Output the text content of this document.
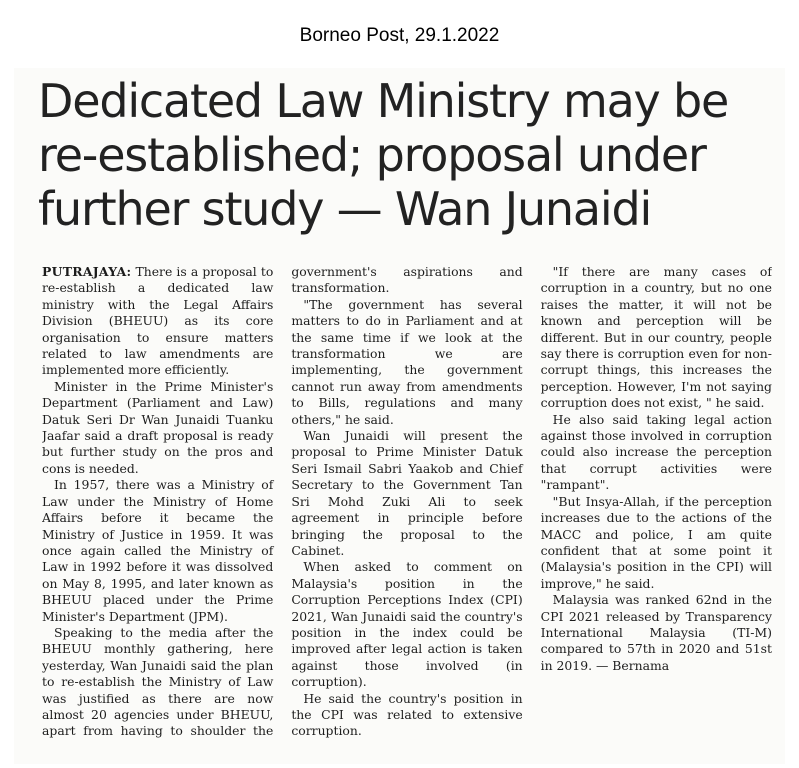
Borneo Post, 29.1.2022
Dedicated Law Ministry may be re-established; proposal under further study — Wan Junaidi

PUTRAJAYA: There is a proposal to re-establish a dedicated law ministry with the Legal Affairs Division (BHEUU) as its core organisation to ensure matters related to law amendments are implemented more efficiently.

Minister in the Prime Minister's Department (Parliament and Law) Datuk Seri Dr Wan Junaidi Tuanku Jaafar said a draft proposal is ready but further study on the pros and cons is needed.

In 1957, there was a Ministry of Law under the Ministry of Home Affairs before it became the Ministry of Justice in 1959. It was once again called the Ministry of Law in 1992 before it was dissolved on May 8, 1995, and later known as BHEUU placed under the Prime Minister's Department (JPM).

Speaking to the media after the BHEUU monthly gathering, here yesterday, Wan Junaidi said the plan to re-establish the Ministry of Law was justified as there are now almost 20 agencies under BHEUU, apart from having to shoulder the government's aspirations and transformation.

"The government has several matters to do in Parliament and at the same time if we look at the transformation we are implementing, the government cannot run away from amendments to Bills, regulations and many others," he said.

Wan Junaidi will present the proposal to Prime Minister Datuk Seri Ismail Sabri Yaakob and Chief Secretary to the Government Tan Sri Mohd Zuki Ali to seek agreement in principle before bringing the proposal to the Cabinet.

When asked to comment on Malaysia's position in the Corruption Perceptions Index (CPI) 2021, Wan Junaidi said the country's position in the index could be improved after legal action is taken against those involved (in corruption).

He said the country's position in the CPI was related to extensive corruption.

"If there are many cases of corruption in a country, but no one raises the matter, it will not be known and perception will be different. But in our country, people say there is corruption even for non-corrupt things, this increases the perception. However, I'm not saying corruption does not exist, " he said.

He also said taking legal action against those involved in corruption could also increase the perception that corrupt activities were "rampant".

"But Insya-Allah, if the perception increases due to the actions of the MACC and police, I am quite confident that at some point it (Malaysia's position in the CPI) will improve," he said.

Malaysia was ranked 62nd in the CPI 2021 released by Transparency International Malaysia (TI-M) compared to 57th in 2020 and 51st in 2019. — Bernama
